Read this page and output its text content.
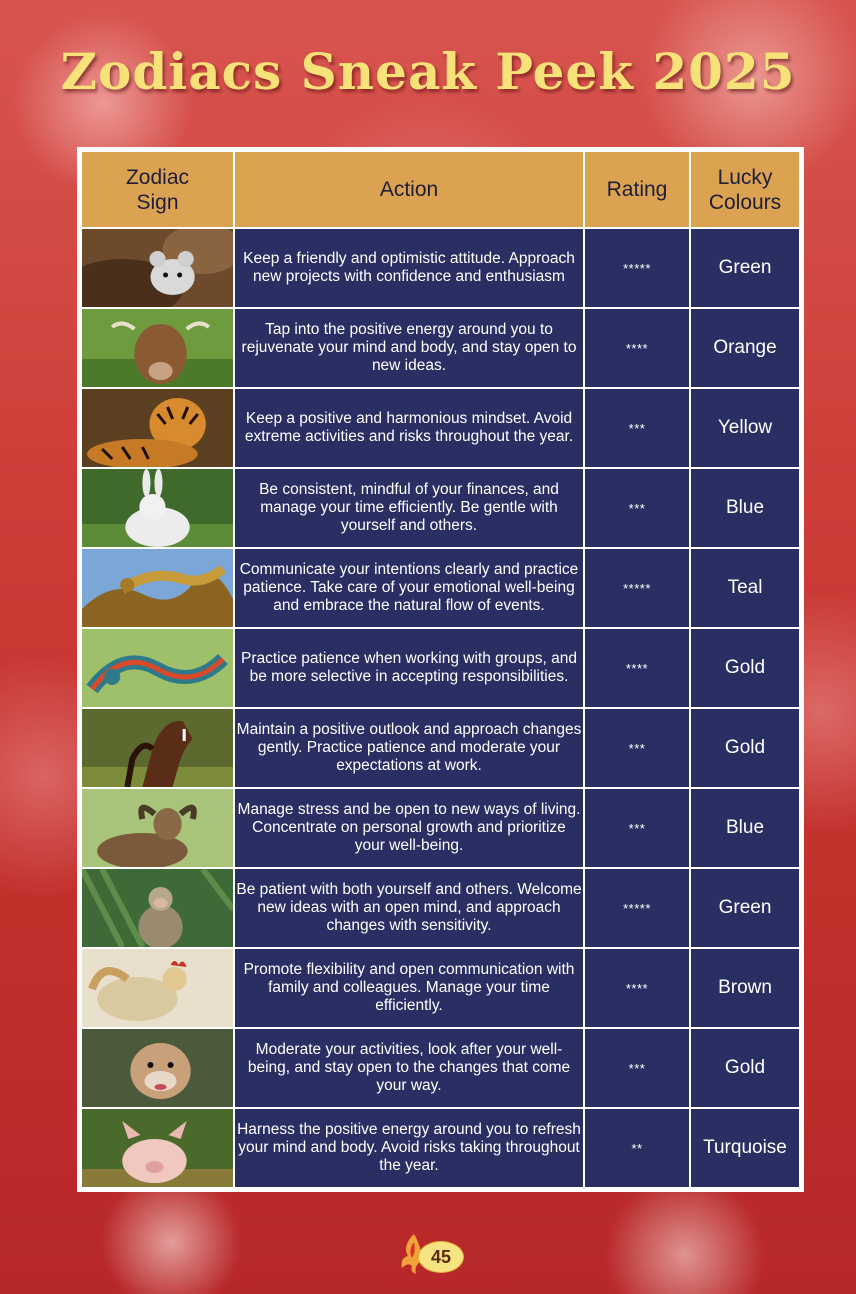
Zodiacs Sneak Peek 2025
Zodiac
Sign	Action	Rating	Lucky
Colours

	Keep a friendly and optimistic attitude. Approach new projects with confidence and enthusiasm	*****	Green

	Tap into the positive energy around you to rejuvenate your mind and body, and stay open to new ideas.	****	Orange

	Keep a positive and harmonious mindset. Avoid extreme activities and risks throughout the year.	***	Yellow

	Be consistent, mindful of your finances, and manage your time efficiently. Be gentle with yourself and others.	***	Blue

	Communicate your intentions clearly and practice patience. Take care of your emotional well-being and embrace the natural flow of events.	*****	Teal

	Practice patience when working with groups, and be more selective in accepting responsibilities.	****	Gold

	Maintain a positive outlook and approach changes gently. Practice patience and moderate your expectations at work.	***	Gold

	Manage stress and be open to new ways of living. Concentrate on personal growth and prioritize your well-being.	***	Blue

	Be patient with both yourself and others. Welcome new ideas with an open mind, and approach changes with sensitivity.	*****	Green

	Promote flexibility and open communication with family and colleagues. Manage your time efficiently.	****	Brown

	Moderate your activities, look after your well-being, and stay open to the changes that come your way.	***	Gold

	Harness the positive energy around you to refresh your mind and body. Avoid risks taking throughout the year.	**	Turquoise
45
